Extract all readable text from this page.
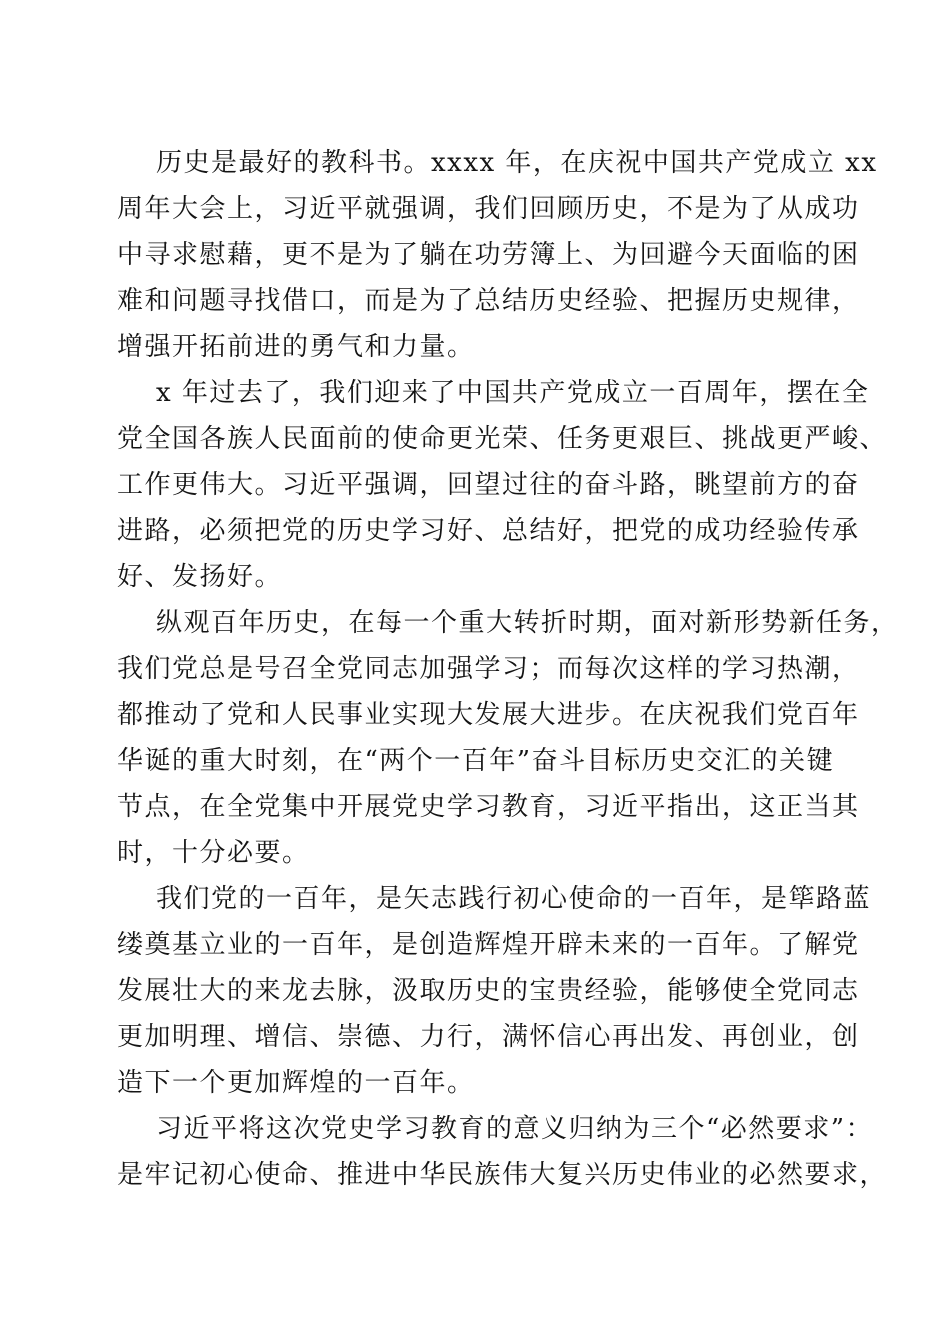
历史是最好的教科书。xxxx 年，在庆祝中国共产党成立 xx
周年大会上，习近平就强调，我们回顾历史，不是为了从成功
中寻求慰藉，更不是为了躺在功劳簿上、为回避今天面临的困
难和问题寻找借口，而是为了总结历史经验、把握历史规律，
增强开拓前进的勇气和力量。
x 年过去了，我们迎来了中国共产党成立一百周年，摆在全
党全国各族人民面前的使命更光荣、任务更艰巨、挑战更严峻、
工作更伟大。习近平强调，回望过往的奋斗路，眺望前方的奋
进路，必须把党的历史学习好、总结好，把党的成功经验传承
好、发扬好。
纵观百年历史，在每一个重大转折时期，面对新形势新任务，
我们党总是号召全党同志加强学习；而每次这样的学习热潮，
都推动了党和人民事业实现大发展大进步。在庆祝我们党百年
华诞的重大时刻，在“两个一百年”奋斗目标历史交汇的关键
节点，在全党集中开展党史学习教育，习近平指出，这正当其
时，十分必要。
我们党的一百年，是矢志践行初心使命的一百年，是筚路蓝
缕奠基立业的一百年，是创造辉煌开辟未来的一百年。了解党
发展壮大的来龙去脉，汲取历史的宝贵经验，能够使全党同志
更加明理、增信、崇德、力行，满怀信心再出发、再创业，创
造下一个更加辉煌的一百年。
习近平将这次党史学习教育的意义归纳为三个“必然要求”：
是牢记初心使命、推进中华民族伟大复兴历史伟业的必然要求，
